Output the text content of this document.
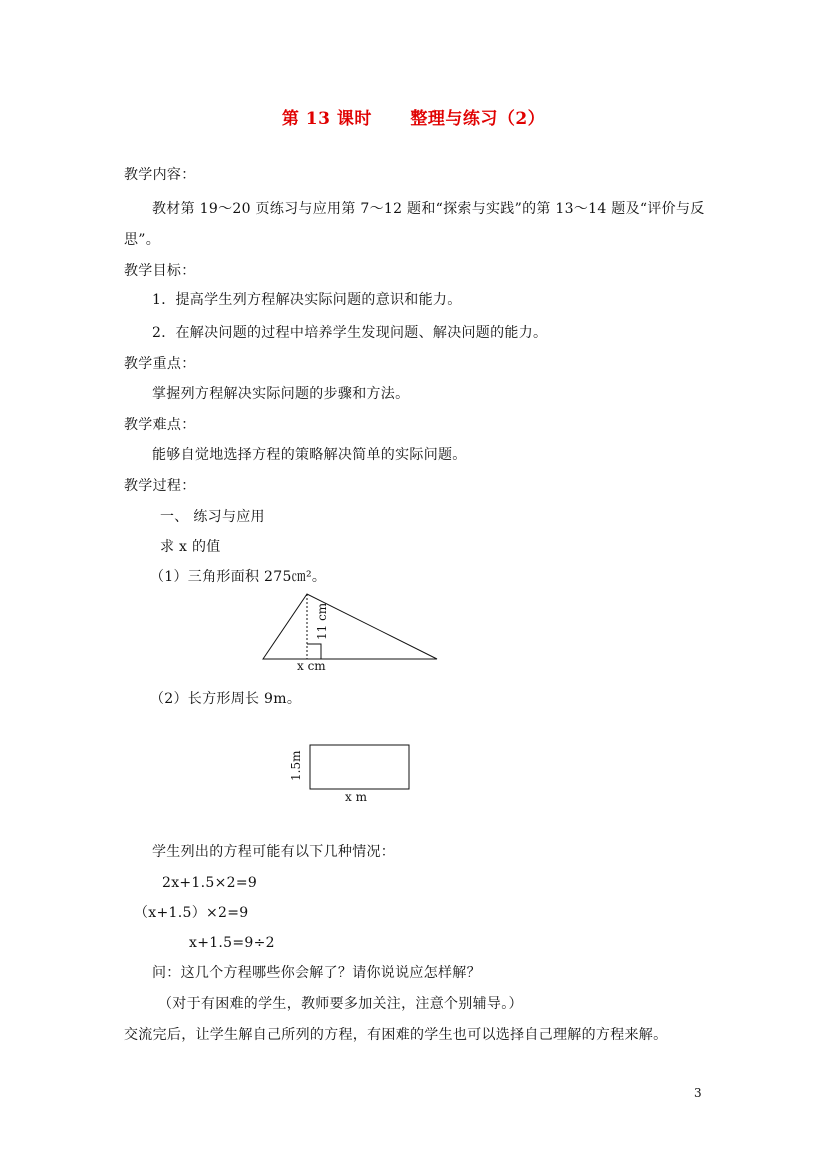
第 13 课时      整理与练习（2）
教学内容：
教材第 19～20 页练习与应用第 7～12 题和“探索与实践”的第 13～14 题及“评价与反
思”。
教学目标：
1．提高学生列方程解决实际问题的意识和能力。
2．在解决问题的过程中培养学生发现问题、解决问题的能力。
教学重点：
掌握列方程解决实际问题的步骤和方法。
教学难点：
能够自觉地选择方程的策略解决简单的实际问题。
教学过程：
一、 练习与应用
求 x 的值
（1）三角形面积 275㎝²。
11 cm
x cm
（2）长方形周长 9m。
1.5m
x m
学生列出的方程可能有以下几种情况：
2x+1.5×2=9
（x+1.5）×2=9
x+1.5=9÷2
问：这几个方程哪些你会解了？请你说说应怎样解？
（对于有困难的学生，教师要多加关注，注意个别辅导。）
交流完后，让学生解自己所列的方程，有困难的学生也可以选择自己理解的方程来解。
3
